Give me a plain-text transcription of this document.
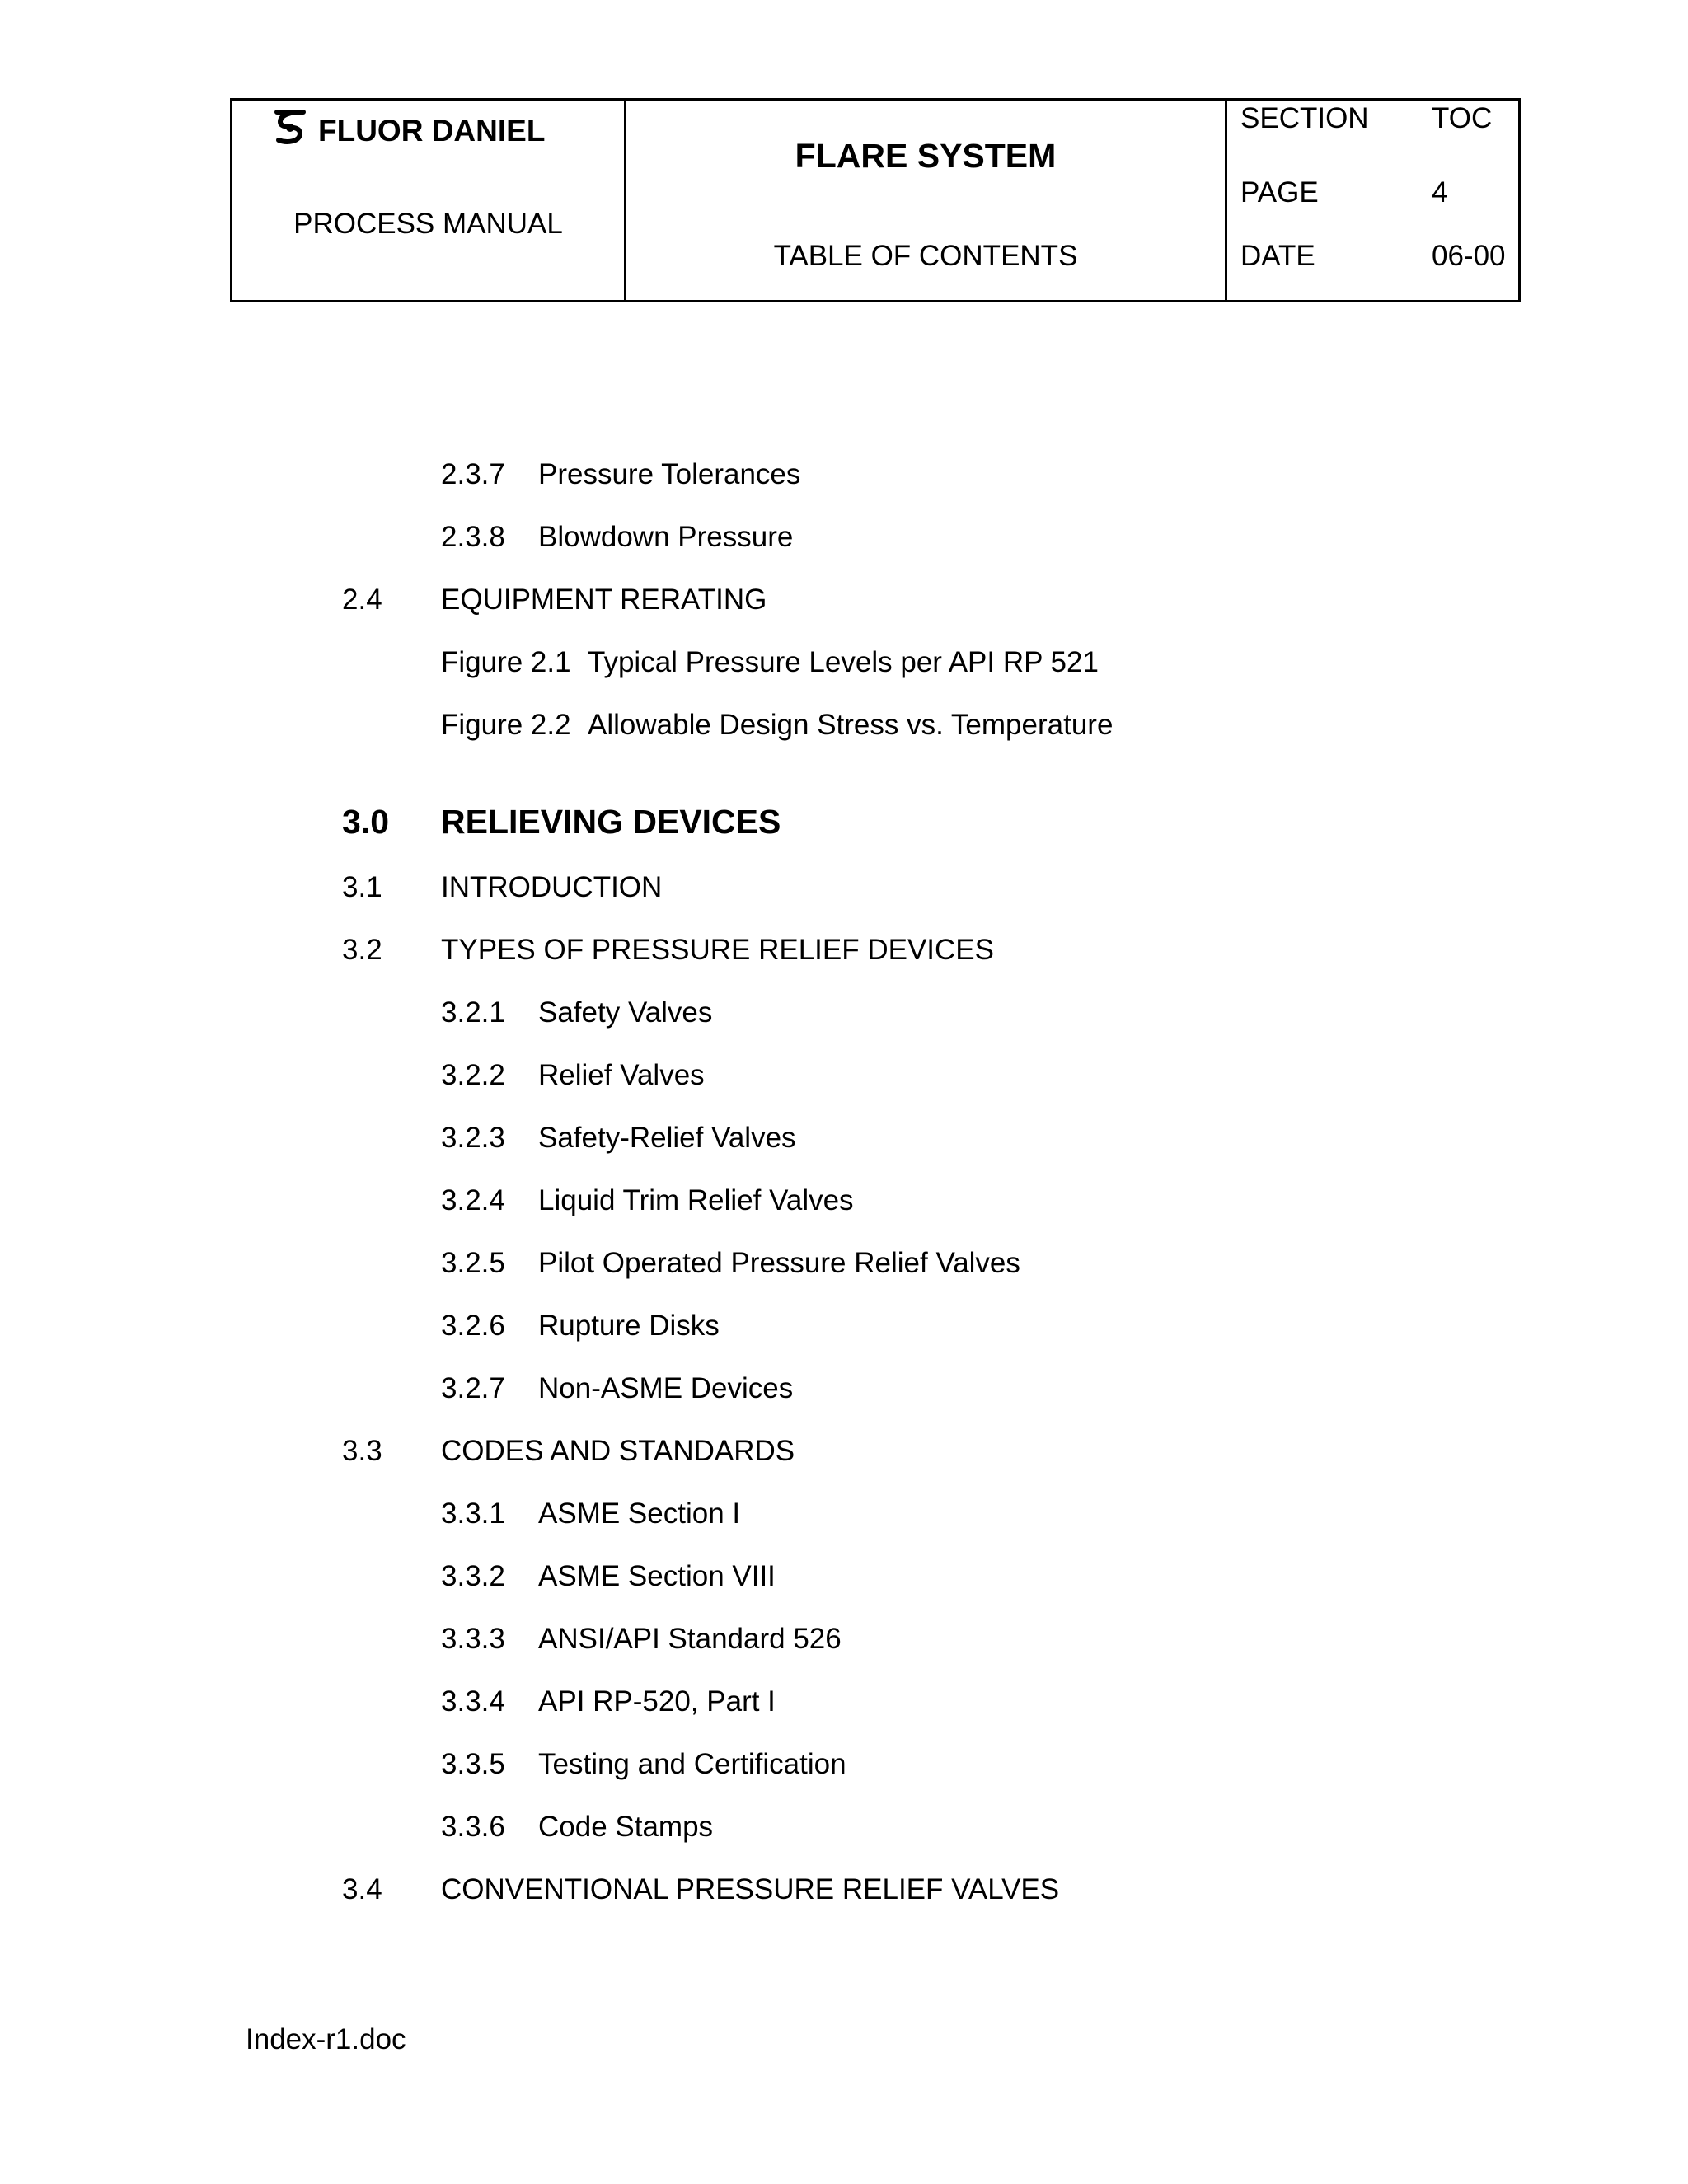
FLUOR DANIEL
PROCESS MANUAL
FLARE SYSTEM
TABLE OF CONTENTS
SECTION TOC
PAGE	4
DATE	06-00
2.3.7 Pressure Tolerances
2.3.8 Blowdown Pressure
2.4 EQUIPMENT RERATING
Figure 2.1 Typical Pressure Levels per API RP 521
Figure 2.2 Allowable Design Stress vs. Temperature
3.0 RELIEVING DEVICES
3.1 INTRODUCTION
3.2 TYPES OF PRESSURE RELIEF DEVICES
3.2.1 Safety Valves
3.2.2 Relief Valves
3.2.3 Safety-Relief Valves
3.2.4 Liquid Trim Relief Valves
3.2.5 Pilot Operated Pressure Relief Valves
3.2.6 Rupture Disks
3.2.7 Non-ASME Devices
3.3 CODES AND STANDARDS
3.3.1 ASME Section I
3.3.2 ASME Section VIII
3.3.3 ANSI/API Standard 526
3.3.4 API RP-520, Part I
3.3.5 Testing and Certification
3.3.6 Code Stamps
3.4 CONVENTIONAL PRESSURE RELIEF VALVES
Index-r1.doc
